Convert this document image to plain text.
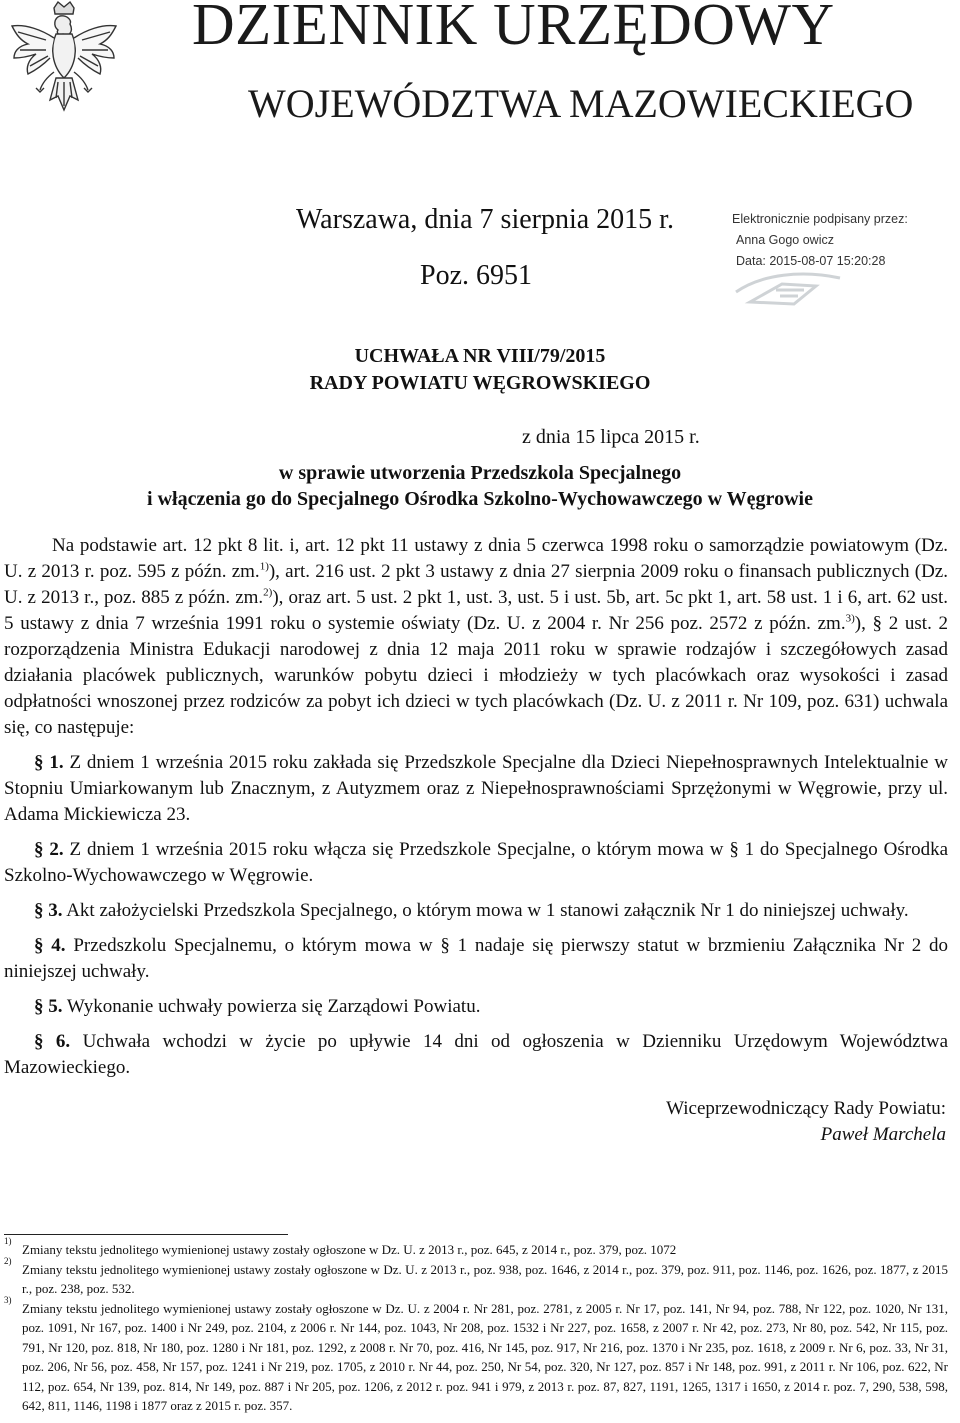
DZIENNIK URZĘDOWY
WOJEWÓDZTWA MAZOWIECKIEGO
Warszawa, dnia 7 sierpnia 2015 r.
Poz. 6951
Elektronicznie podpisany przez:
Anna Gogo owicz
Data: 2015-08-07 15:20:28
UCHWAŁA NR VIII/79/2015
RADY POWIATU WĘGROWSKIEGO
z dnia 15 lipca 2015 r.
w sprawie utworzenia Przedszkola Specjalnego
i włączenia go do Specjalnego Ośrodka Szkolno-Wychowawczego w Węgrowie

Na podstawie art. 12 pkt 8 lit. i, art. 12 pkt 11 ustawy z dnia 5 czerwca 1998 roku o samorządzie powiatowym (Dz. U. z 2013 r. poz. 595 z późn. zm.$^{1)}$), art. 216 ust. 2 pkt 3 ustawy z dnia 27 sierpnia 2009 roku o finansach publicznych (Dz. U. z 2013 r., poz. 885 z późn. zm.$^{2)}$), oraz art. 5 ust. 2 pkt 1, ust. 3, ust. 5 i ust. 5b, art. 5c pkt 1, art. 58 ust. 1 i 6, art. 62 ust. 5 ustawy z dnia 7 września 1991 roku o systemie oświaty (Dz. U. z 2004 r. Nr 256 poz. 2572 z późn. zm.$^{3)}$), § 2 ust. 2 rozporządzenia Ministra Edukacji narodowej z dnia 12 maja 2011 roku w sprawie rodzajów i szczegółowych zasad działania placówek publicznych, warunków pobytu dzieci i młodzieży w tych placówkach oraz wysokości i zasad odpłatności wnoszonej przez rodziców za pobyt ich dzieci w tych placówkach (Dz. U. z 2011 r. Nr 109, poz. 631) uchwala się, co następuje:

§ 1. Z dniem 1 września 2015 roku zakłada się Przedszkole Specjalne dla Dzieci Niepełnosprawnych Intelektualnie w Stopniu Umiarkowanym lub Znacznym, z Autyzmem oraz z Niepełnosprawnościami Sprzężonymi w Węgrowie, przy ul. Adama Mickiewicza 23.

§ 2. Z dniem 1 września 2015 roku włącza się Przedszkole Specjalne, o którym mowa w § 1 do Specjalnego Ośrodka Szkolno-Wychowawczego w Węgrowie.

§ 3. Akt założycielski Przedszkola Specjalnego, o którym mowa w 1 stanowi załącznik Nr 1 do niniejszej uchwały.

§ 4. Przedszkolu Specjalnemu, o którym mowa w § 1 nadaje się pierwszy statut w brzmieniu Załącznika Nr 2 do niniejszej uchwały.

§ 5. Wykonanie uchwały powierza się Zarządowi Powiatu.

§ 6. Uchwała wchodzi w życie po upływie 14 dni od ogłoszenia w Dzienniku Urzędowym Województwa Mazowieckiego.

Wiceprzewodniczący Rady Powiatu:
Paweł Marchela
1)
Zmiany tekstu jednolitego wymienionej ustawy zostały ogłoszone w Dz. U. z 2013 r., poz. 645, z 2014 r., poz. 379, poz. 1072
2)
Zmiany tekstu jednolitego wymienionej ustawy zostały ogłoszone w Dz. U. z 2013 r., poz. 938, poz. 1646, z 2014 r., poz. 379, poz. 911, poz. 1146, poz. 1626, poz. 1877, z 2015 r., poz. 238, poz. 532.
3)
Zmiany tekstu jednolitego wymienionej ustawy zostały ogłoszone w Dz. U. z 2004 r. Nr 281, poz. 2781, z 2005 r. Nr 17, poz. 141, Nr 94, poz. 788, Nr 122, poz. 1020, Nr 131, poz. 1091, Nr 167, poz. 1400 i Nr 249, poz. 2104, z 2006 r. Nr 144, poz. 1043, Nr 208, poz. 1532 i Nr 227, poz. 1658, z 2007 r. Nr 42, poz. 273, Nr 80, poz. 542, Nr 115, poz. 791, Nr 120, poz. 818, Nr 180, poz. 1280 i Nr 181, poz. 1292, z 2008 r. Nr 70, poz. 416, Nr 145, poz. 917, Nr 216, poz. 1370 i Nr 235, poz. 1618, z 2009 r. Nr 6, poz. 33, Nr 31, poz. 206, Nr 56, poz. 458, Nr 157, poz. 1241 i Nr 219, poz. 1705, z 2010 r. Nr 44, poz. 250, Nr 54, poz. 320, Nr 127, poz. 857 i Nr 148, poz. 991, z 2011 r. Nr 106, poz. 622, Nr 112, poz. 654, Nr 139, poz. 814, Nr 149, poz. 887 i Nr 205, poz. 1206, z 2012 r. poz. 941 i 979, z 2013 r. poz. 87, 827, 1191, 1265, 1317 i 1650, z 2014 r. poz. 7, 290, 538, 598, 642, 811, 1146, 1198 i 1877 oraz z 2015 r. poz. 357.
